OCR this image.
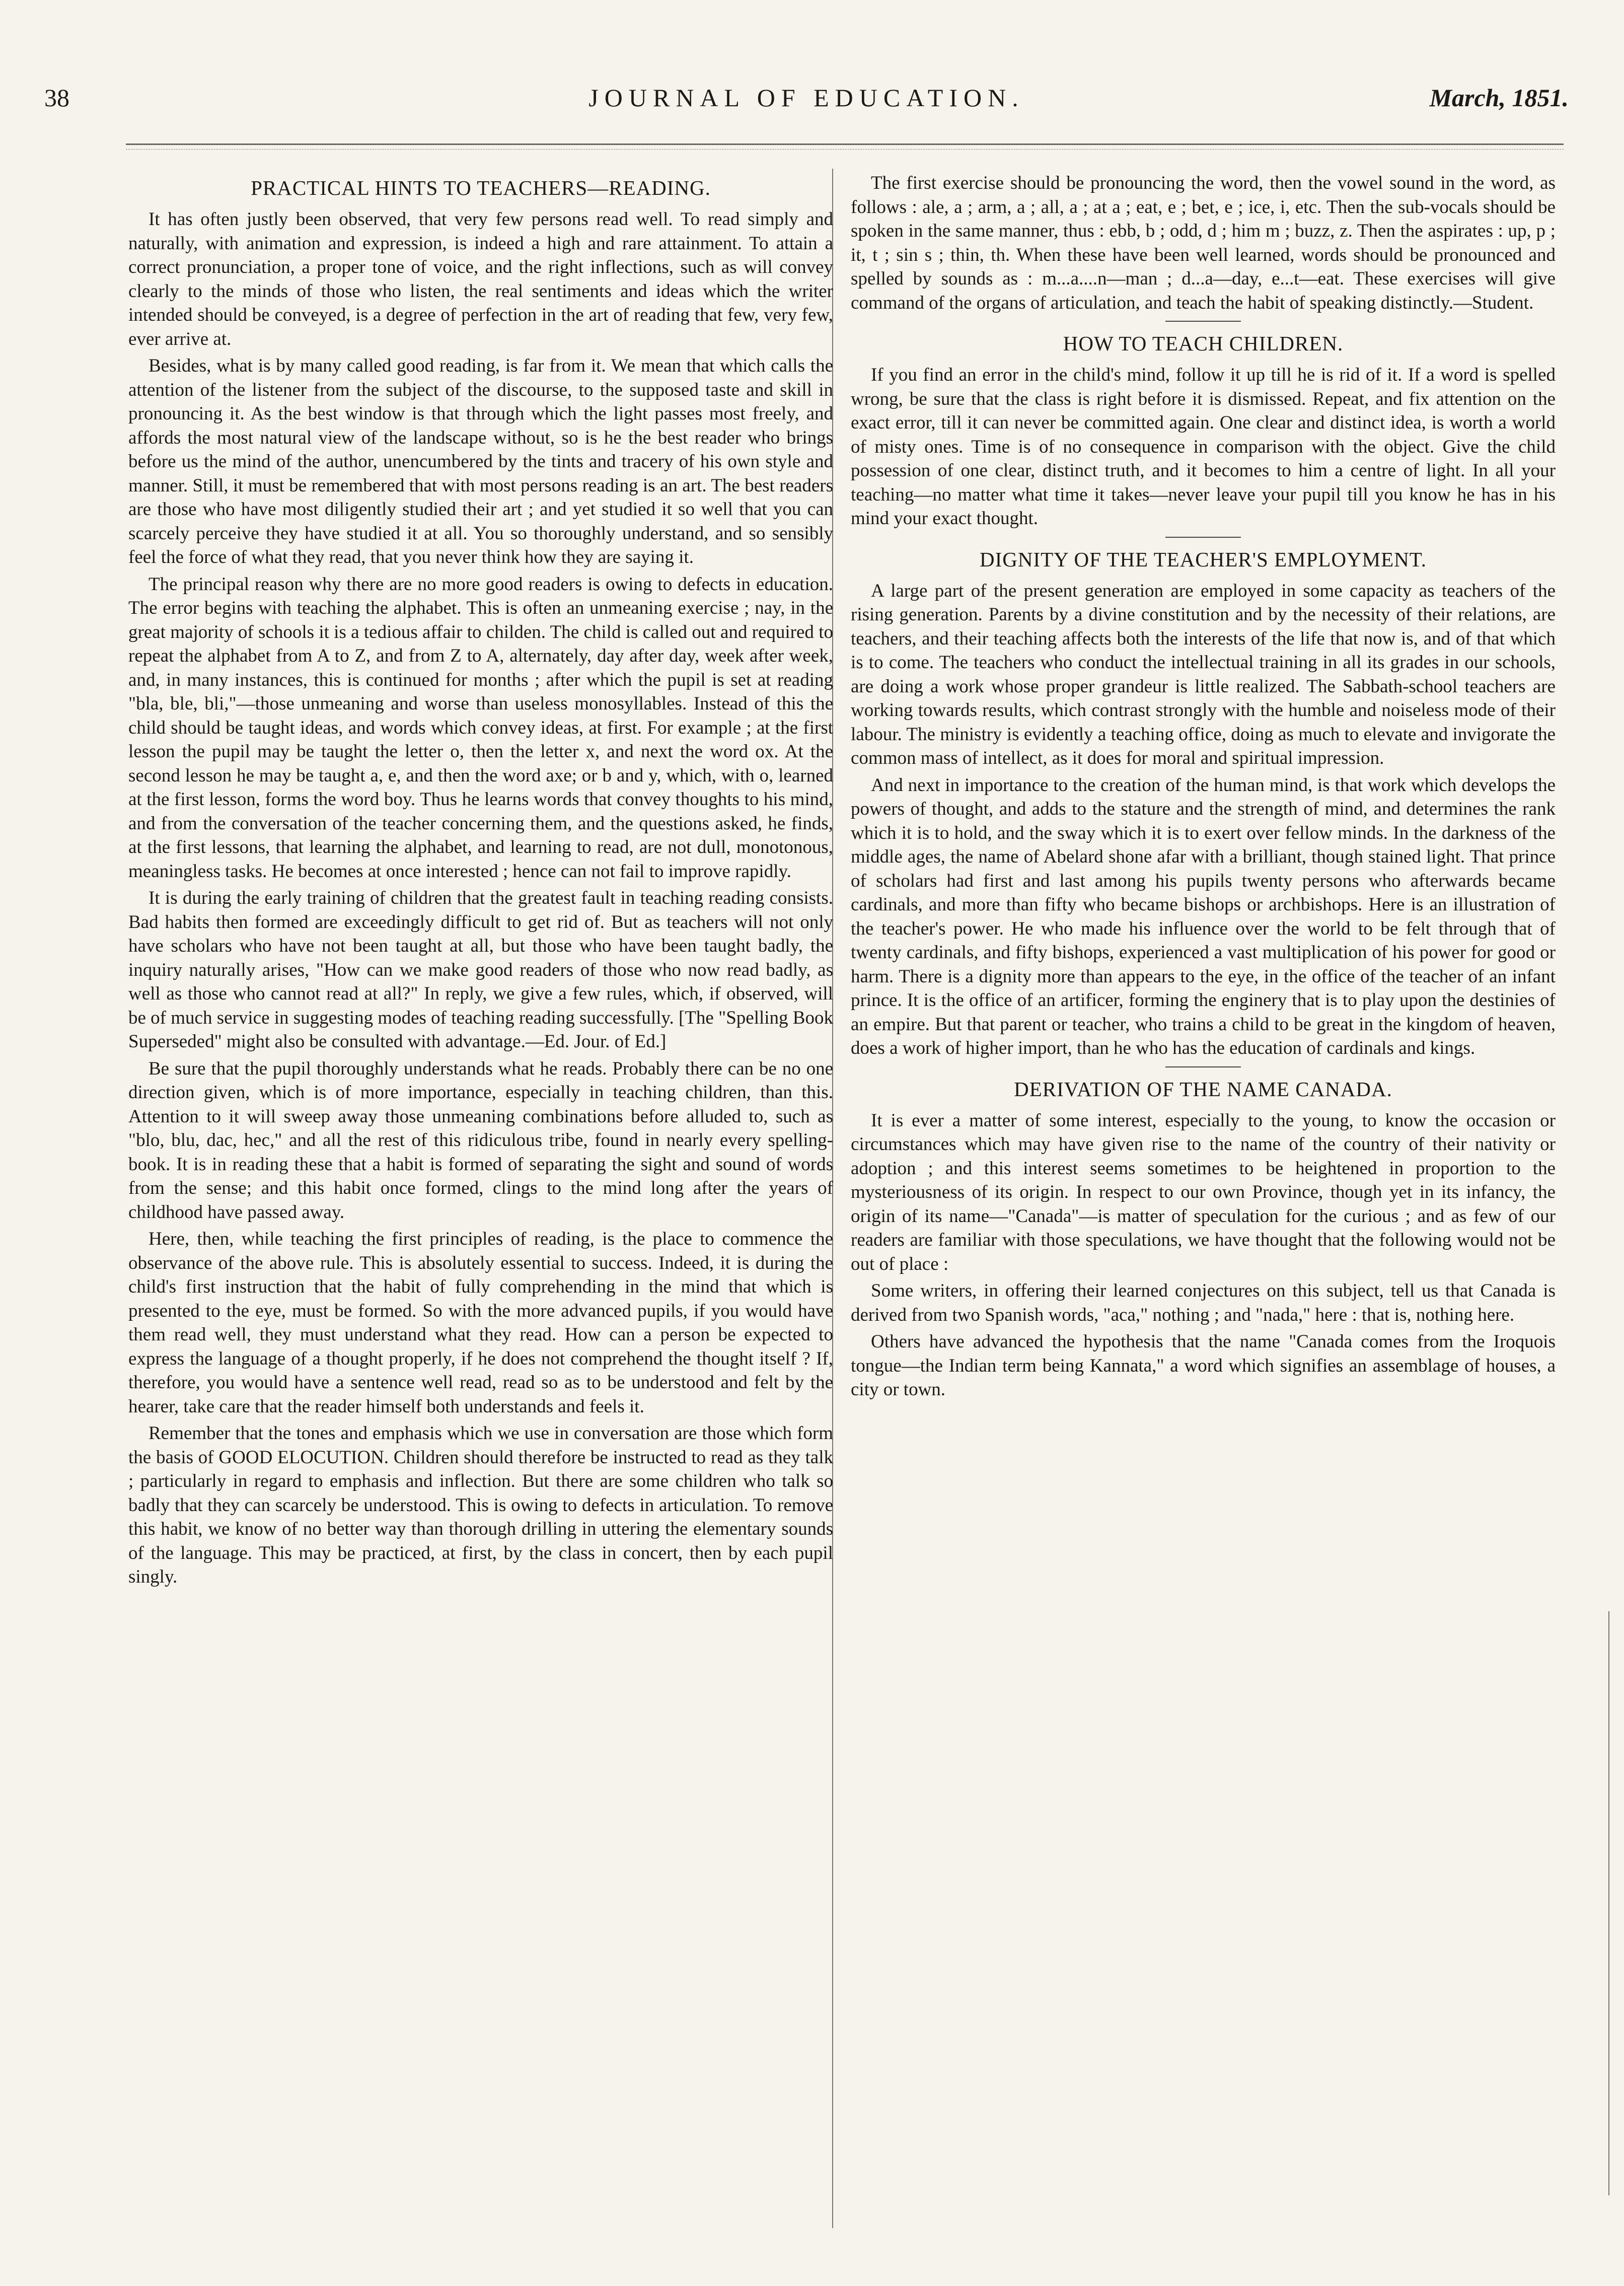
38	JOURNAL OF EDUCATION.	March, 1851.
PRACTICAL HINTS TO TEACHERS—READING.

It has often justly been observed, that very few persons read well. To read simply and naturally, with animation and expression, is indeed a high and rare attainment. To attain a correct pronunciation, a proper tone of voice, and the right inflections, such as will convey clearly to the minds of those who listen, the real sentiments and ideas which the writer intended should be conveyed, is a degree of perfection in the art of reading that few, very few, ever arrive at.

Besides, what is by many called good reading, is far from it. We mean that which calls the attention of the listener from the subject of the discourse, to the supposed taste and skill in pronouncing it. As the best window is that through which the light passes most freely, and affords the most natural view of the landscape without, so is he the best reader who brings before us the mind of the author, unencumbered by the tints and tracery of his own style and manner. Still, it must be remembered that with most persons reading is an art. The best readers are those who have most diligently studied their art ; and yet studied it so well that you can scarcely perceive they have studied it at all. You so thoroughly understand, and so sensibly feel the force of what they read, that you never think how they are saying it.

The principal reason why there are no more good readers is owing to defects in education. The error begins with teaching the alphabet. This is often an unmeaning exercise ; nay, in the great majority of schools it is a tedious affair to childen. The child is called out and required to repeat the alphabet from A to Z, and from Z to A, alternately, day after day, week after week, and, in many instances, this is continued for months ; after which the pupil is set at reading "bla, ble, bli,"—those unmeaning and worse than useless monosyllables. Instead of this the child should be taught ideas, and words which convey ideas, at first. For example ; at the first lesson the pupil may be taught the letter o, then the letter x, and next the word ox. At the second lesson he may be taught a, e, and then the word axe; or b and y, which, with o, learned at the first lesson, forms the word boy. Thus he learns words that convey thoughts to his mind, and from the conversation of the teacher concerning them, and the questions asked, he finds, at the first lessons, that learning the alphabet, and learning to read, are not dull, monotonous, meaningless tasks. He becomes at once interested ; hence can not fail to improve rapidly.

It is during the early training of children that the greatest fault in teaching reading consists. Bad habits then formed are exceedingly difficult to get rid of. But as teachers will not only have scholars who have not been taught at all, but those who have been taught badly, the inquiry naturally arises, "How can we make good readers of those who now read badly, as well as those who cannot read at all?" In reply, we give a few rules, which, if observed, will be of much service in suggesting modes of teaching reading successfully. [The "Spelling Book Superseded" might also be consulted with advantage.—Ed. Jour. of Ed.]

Be sure that the pupil thoroughly understands what he reads. Probably there can be no one direction given, which is of more importance, especially in teaching children, than this. Attention to it will sweep away those unmeaning combinations before alluded to, such as "blo, blu, dac, hec," and all the rest of this ridiculous tribe, found in nearly every spelling-book. It is in reading these that a habit is formed of separating the sight and sound of words from the sense; and this habit once formed, clings to the mind long after the years of childhood have passed away.

Here, then, while teaching the first principles of reading, is the place to commence the observance of the above rule. This is absolutely essential to success. Indeed, it is during the child's first instruction that the habit of fully comprehending in the mind that which is presented to the eye, must be formed. So with the more advanced pupils, if you would have them read well, they must understand what they read. How can a person be expected to express the language of a thought properly, if he does not comprehend the thought itself ? If, therefore, you would have a sentence well read, read so as to be understood and felt by the hearer, take care that the reader himself both understands and feels it.

Remember that the tones and emphasis which we use in conversation are those which form the basis of GOOD ELOCUTION. Children should therefore be instructed to read as they talk ; particularly in regard to emphasis and inflection. But there are some children who talk so badly that they can scarcely be understood. This is owing to defects in articulation. To remove this habit, we know of no better way than thorough drilling in uttering the elementary sounds of the language. This may be practiced, at first, by the class in concert, then by each pupil singly.

The first exercise should be pronouncing the word, then the vowel sound in the word, as follows : ale, a ; arm, a ; all, a ; at a ; eat, e ; bet, e ; ice, i, etc. Then the sub-vocals should be spoken in the same manner, thus : ebb, b ; odd, d ; him m ; buzz, z. Then the aspirates : up, p ; it, t ; sin s ; thin, th. When these have been well learned, words should be pronounced and spelled by sounds as : m...a....n—man ; d...a—day, e...t—eat. These exercises will give command of the organs of articulation, and teach the habit of speaking distinctly.—Student.

HOW TO TEACH CHILDREN.

If you find an error in the child's mind, follow it up till he is rid of it. If a word is spelled wrong, be sure that the class is right before it is dismissed. Repeat, and fix attention on the exact error, till it can never be committed again. One clear and distinct idea, is worth a world of misty ones. Time is of no consequence in comparison with the object. Give the child possession of one clear, distinct truth, and it becomes to him a centre of light. In all your teaching—no matter what time it takes—never leave your pupil till you know he has in his mind your exact thought.

DIGNITY OF THE TEACHER'S EMPLOYMENT.

A large part of the present generation are employed in some capacity as teachers of the rising generation. Parents by a divine constitution and by the necessity of their relations, are teachers, and their teaching affects both the interests of the life that now is, and of that which is to come. The teachers who conduct the intellectual training in all its grades in our schools, are doing a work whose proper grandeur is little realized. The Sabbath-school teachers are working towards results, which contrast strongly with the humble and noiseless mode of their labour. The ministry is evidently a teaching office, doing as much to elevate and invigorate the common mass of intellect, as it does for moral and spiritual impression.

And next in importance to the creation of the human mind, is that work which develops the powers of thought, and adds to the stature and the strength of mind, and determines the rank which it is to hold, and the sway which it is to exert over fellow minds. In the darkness of the middle ages, the name of Abelard shone afar with a brilliant, though stained light. That prince of scholars had first and last among his pupils twenty persons who afterwards became cardinals, and more than fifty who became bishops or archbishops. Here is an illustration of the teacher's power. He who made his influence over the world to be felt through that of twenty cardinals, and fifty bishops, experienced a vast multiplication of his power for good or harm. There is a dignity more than appears to the eye, in the office of the teacher of an infant prince. It is the office of an artificer, forming the enginery that is to play upon the destinies of an empire. But that parent or teacher, who trains a child to be great in the kingdom of heaven, does a work of higher import, than he who has the education of cardinals and kings.

DERIVATION OF THE NAME CANADA.

It is ever a matter of some interest, especially to the young, to know the occasion or circumstances which may have given rise to the name of the country of their nativity or adoption ; and this interest seems sometimes to be heightened in proportion to the mysteriousness of its origin. In respect to our own Province, though yet in its infancy, the origin of its name—"Canada"—is matter of speculation for the curious ; and as few of our readers are familiar with those speculations, we have thought that the following would not be out of place :

Some writers, in offering their learned conjectures on this subject, tell us that Canada is derived from two Spanish words, "aca," nothing ; and "nada," here : that is, nothing here.

Others have advanced the hypothesis that the name "Canada comes from the Iroquois tongue—the Indian term being Kannata," a word which signifies an assemblage of houses, a city or town.
